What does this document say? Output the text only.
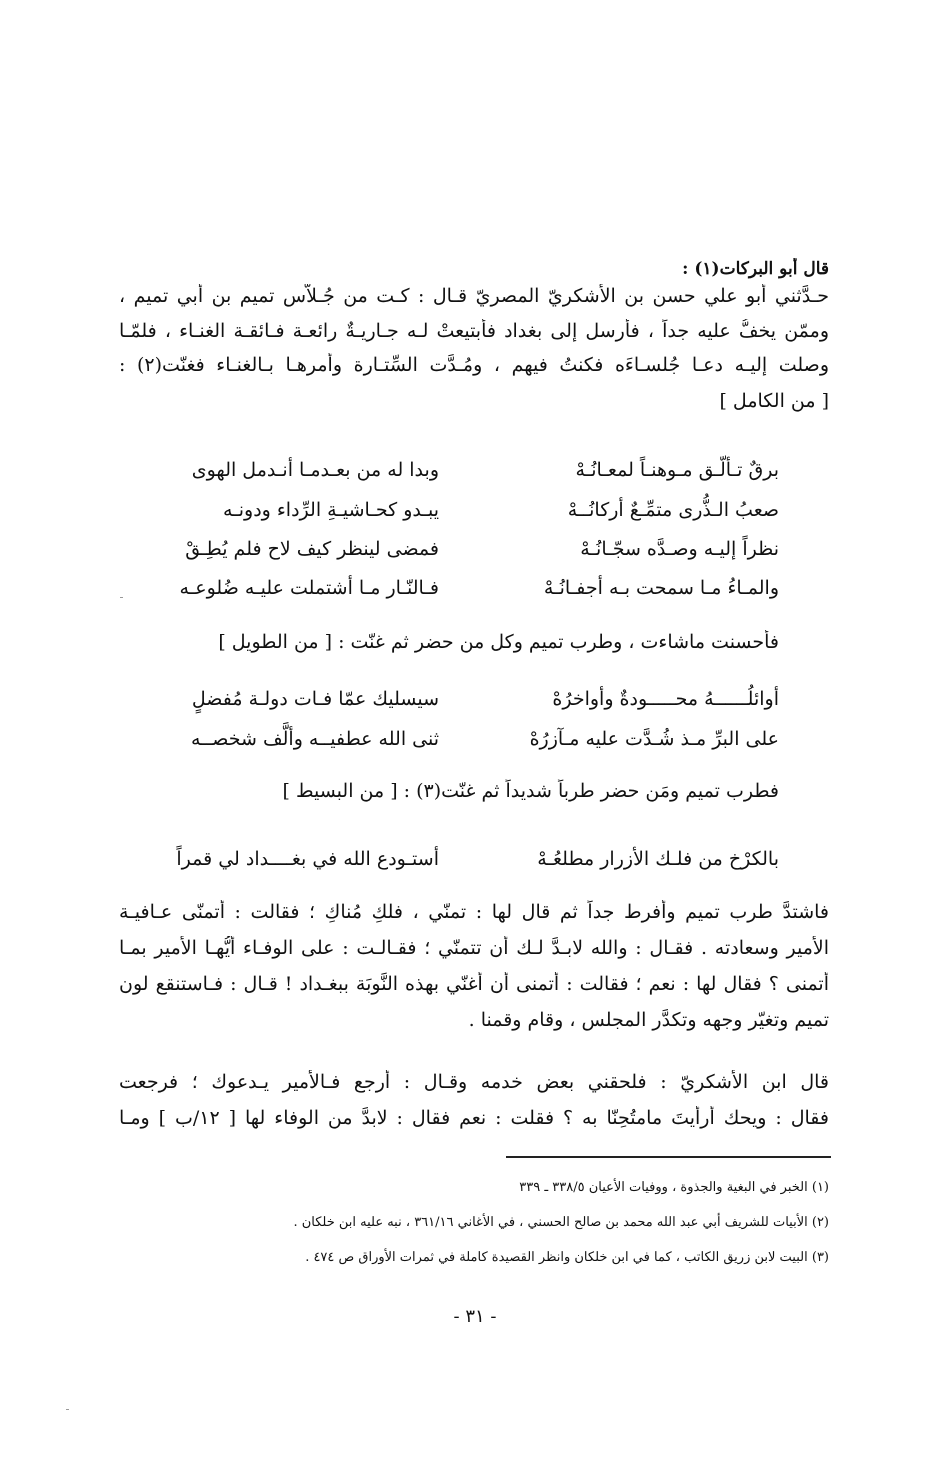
قال أبو البركات(١) :
حـدَّثني أبو علي حسن بن الأشكريّ المصريّ قـال : كـت من جُـلاّس تميم بن أبي تميم ،
وممّن يخفُّ عليه جداً ، فأرسل إلى بغداد فأبتيعتْ لـه جـاريـةٌ رائعـة فـائقـة الغنـاء ، فلمّـا
وصلت إليـه دعـا جُلسـاءَه فكنتُ فيهم ، ومُـدَّت السِّتـارة وأمرهـا بـالغنـاء فغنّت(٢) :
[ من الكامل ]
وبدا له من بعـدمـا أنـدمل الهوى	برقٌ تـألّـق مـوهنـاً لمعـانُـهْ
يبـدو كحـاشيـةِ الرِّداء ودونـه	صعبُ الـذُّرى متمِّـعٌ أركانُــهْ
فمضى لينظر كيف لاح فلم يُطِـقْ	نظراً إليـه وصـدَّه سجّـانُـهْ
فـالنّـار مـا أشتملت عليـه ضُلوعـه	والمـاءُ مـا سمحت بـه أجفـانُـهْ
فأحسنت ماشاءت ، وطرب تميم وكل من حضر ثم غنّت : [ من الطويل ]
سيسليك عمّا فـات دولـة مُفضلٍ	أوائلُــــــهُ محـــــودةٌ وأواخرُهْ
ثنى الله عطفيــه وألَّف شخصــه	على البرِّ مـذ شُـدَّت عليه مـآزرُهْ
فطرب تميم ومَن حضر طرباً شديداً ثم غنّت(٣) : [ من البسيط ]
أستـودع الله في بغــــداد لي قمراً	بالكرْخ من فلـك الأزرار مطلعُـهْ
فاشتدَّ طرب تميم وأفرط جداً ثم قال لها : تمنّي ، فلكِ مُناكِ ؛ فقالت : أتمنّى عـافيـة
الأمير وسعادته . فقـال : والله لابـدَّ لـك أن تتمنّي ؛ فقـالـت : على الوفـاء أيُّهـا الأمير بمـا
أتمنى ؟ فقال لها : نعم ؛ فقالت : أتمنى أن أُغنّي بهذه النَّوبَة ببغـداد ! قـال : فـاستنقع لون
تميم وتغيّر وجهه وتكدَّر المجلس ، وقام وقمنا .
قال ابن الأشكريّ : فلحقني بعض خدمه وقـال : أرجع فـالأمير يـدعوك ؛ فرجعت
فقال : ويحك أرأيتَ مامتُحِنّا به ؟ فقلت : نعم فقال : لابدَّ من الوفاء لها [ ١٢/ب ] ومـا
(١) الخبر في البغية والجذوة ، ووفيات الأعيان ٣٣٨/٥ ـ ٣٣٩
(٢) الأبيات للشريف أبي عبد الله محمد بن صالح الحسني ، في الأغاني ٣٦١/١٦ ، نبه عليه ابن خلكان .
(٣) البيت لابن زريق الكاتب ، كما في ابن خلكان وانظر القصيدة كاملة في ثمرات الأوراق ص ٤٧٤ .
- ٣١ -
